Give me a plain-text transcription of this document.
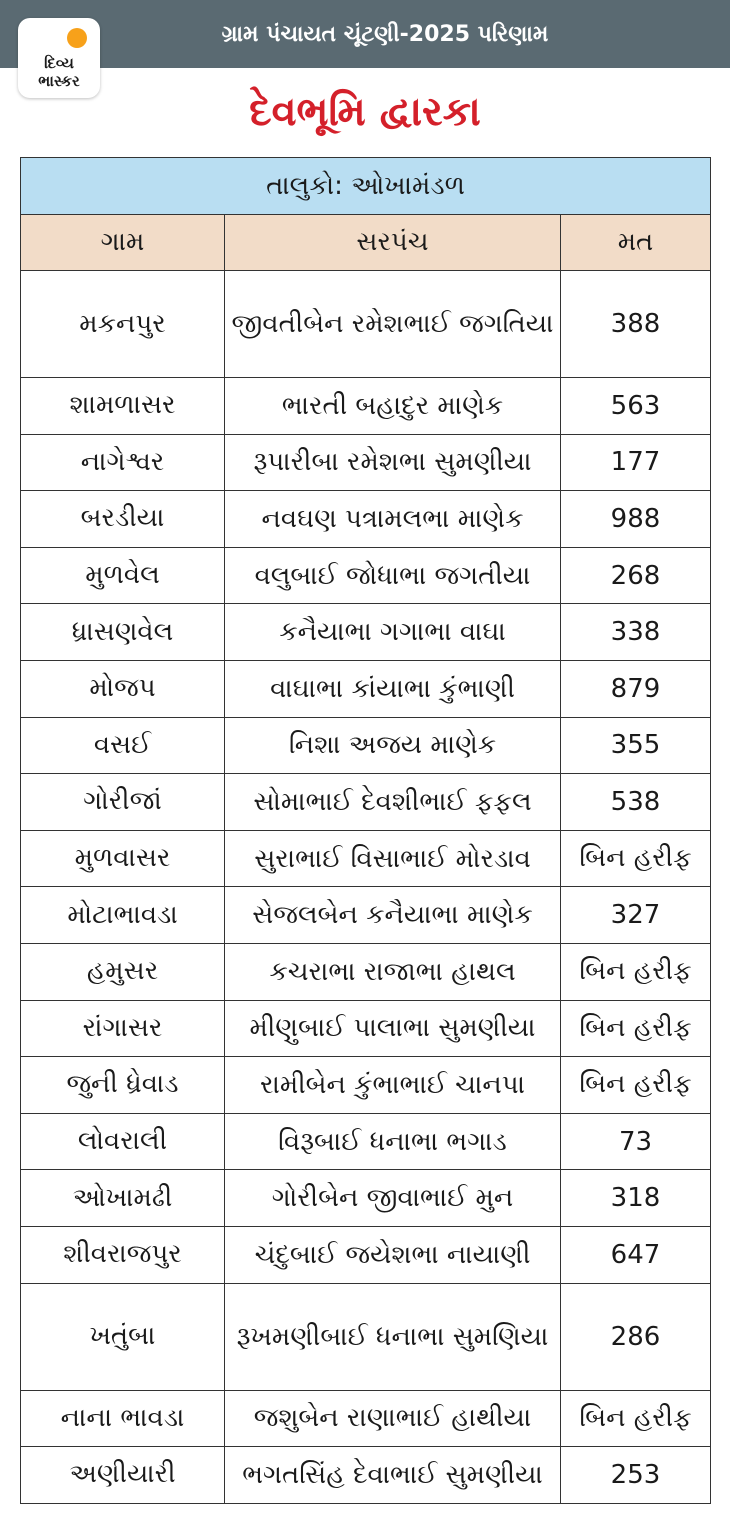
ગ્રામ પંચાયત ચૂંટણી-2025 પરિણામ
દિવ્ય
ભાસ્કર
દેવભૂમિ દ્વારકા
તાલુકો: ઓખામંડળ		
ગામ	સરપંચ	મત
મકનપુર	જીવતીબેન રમેશભાઈ જગતિયા	388
શામળાસર	ભારતી બહાદુર માણેક	563
નાગેશ્વર	રૂપારીબા રમેશભા સુમણીયા	177
બરડીયા	નવઘણ પત્રામલભા માણેક	988
મુળવેલ	વલુબાઈ જોધાભા જગતીયા	268
ધ્રાસણવેલ	કનૈયાભા ગગાભા વાઘા	338
મોજપ	વાઘાભા કાંયાભા કુંભાણી	879
વસઈ	નિશા અજય માણેક	355
ગોરીજાં	સોમાભાઈ દેવશીભાઈ ફફલ	538
મુળવાસર	સુરાભાઈ વિસાભાઈ મોરડાવ	બિન હરીફ
મોટાભાવડા	સેજલબેન કનૈયાભા માણેક	327
હમુસર	કચરાભા રાજાભા હાથલ	બિન હરીફ
રાંગાસર	મીણુબાઈ પાલાભા સુમણીયા	બિન હરીફ
જુની ધ્રેવાડ	રામીબેન કુંભાભાઈ ચાનપા	બિન હરીફ
લોવરાલી	વિરૂબાઈ ધનાભા ભગાડ	73
ઓખામઢી	ગોરીબેન જીવાભાઈ મુન	318
શીવરાજપુર	ચંદુબાઈ જયેશભા નાયાણી	647
ખતુંબા	રૂખમણીબાઈ ધનાભા સુમણિયા	286
નાના ભાવડા	જશુબેન રાણાભાઈ હાથીયા	બિન હરીફ
અણીયારી	ભગતસિંહ દેવાભાઈ સુમણીયા	253
